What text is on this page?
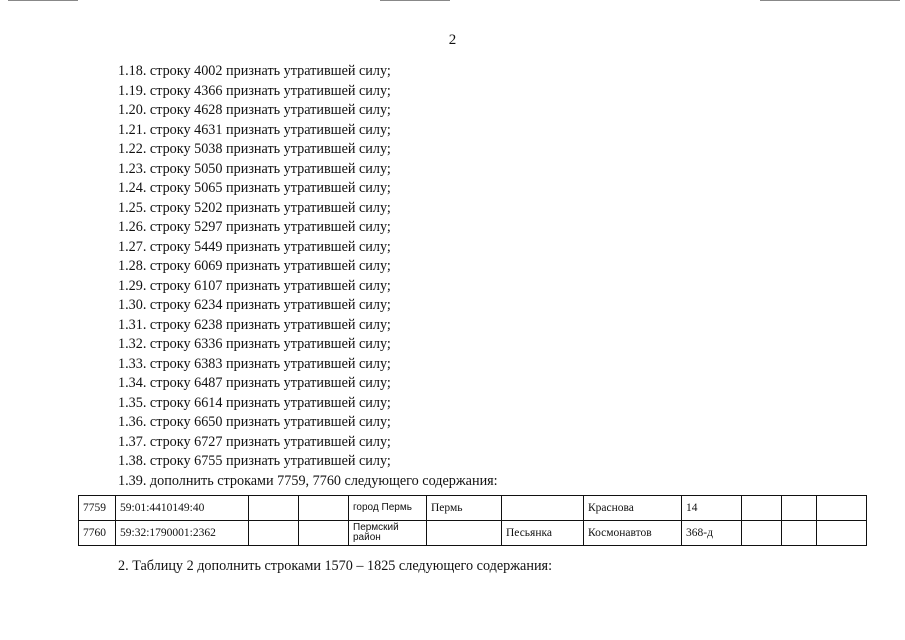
2
1.18. строку 4002 признать утратившей силу;
1.19. строку 4366 признать утратившей силу;
1.20. строку 4628 признать утратившей силу;
1.21. строку 4631 признать утратившей силу;
1.22. строку 5038 признать утратившей силу;
1.23. строку 5050 признать утратившей силу;
1.24. строку 5065 признать утратившей силу;
1.25. строку 5202 признать утратившей силу;
1.26. строку 5297 признать утратившей силу;
1.27. строку 5449 признать утратившей силу;
1.28. строку 6069 признать утратившей силу;
1.29. строку 6107 признать утратившей силу;
1.30. строку 6234 признать утратившей силу;
1.31. строку 6238 признать утратившей силу;
1.32. строку 6336 признать утратившей силу;
1.33. строку 6383 признать утратившей силу;
1.34. строку 6487 признать утратившей силу;
1.35. строку 6614 признать утратившей силу;
1.36. строку 6650 признать утратившей силу;
1.37. строку 6727 признать утратившей силу;
1.38. строку 6755 признать утратившей силу;
1.39. дополнить строками 7759, 7760 следующего содержания:
7759	59:01:4410149:40			город Пермь	Пермь		Краснова	14			
7760	59:32:1790001:2362			Пермский район		Песьянка	Космонавтов	368-д			
2. Таблицу 2 дополнить строками 1570 – 1825 следующего содержания:
